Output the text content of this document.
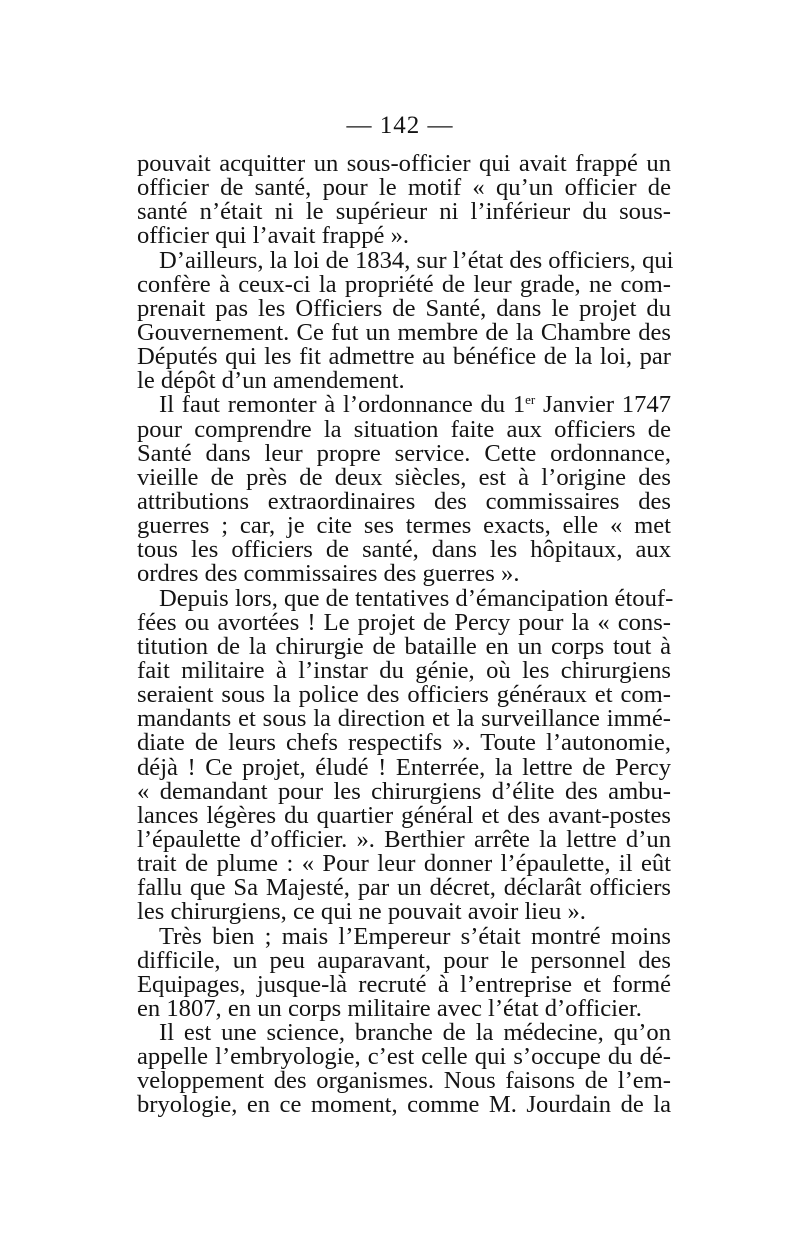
— 142 —
pouvait acquitter un sous-officier qui avait frappé un
officier de santé, pour le motif « qu’un officier de
santé n’était ni le supérieur ni l’inférieur du sous-
officier qui l’avait frappé ».
D’ailleurs, la loi de 1834, sur l’état des officiers, qui
confère à ceux-ci la propriété de leur grade, ne com-
prenait pas les Officiers de Santé, dans le projet du
Gouvernement. Ce fut un membre de la Chambre des
Députés qui les fit admettre au bénéfice de la loi, par
le dépôt d’un amendement.
Il faut remonter à l’ordonnance du 1er Janvier 1747
pour comprendre la situation faite aux officiers de
Santé dans leur propre service. Cette ordonnance,
vieille de près de deux siècles, est à l’origine des
attributions extraordinaires des commissaires des
guerres ; car, je cite ses termes exacts, elle « met
tous les officiers de santé, dans les hôpitaux, aux
ordres des commissaires des guerres ».
Depuis lors, que de tentatives d’émancipation étouf-
fées ou avortées ! Le projet de Percy pour la « cons-
titution de la chirurgie de bataille en un corps tout à
fait militaire à l’instar du génie, où les chirurgiens
seraient sous la police des officiers généraux et com-
mandants et sous la direction et la surveillance immé-
diate de leurs chefs respectifs ». Toute l’autonomie,
déjà ! Ce projet, éludé ! Enterrée, la lettre de Percy
« demandant pour les chirurgiens d’élite des ambu-
lances légères du quartier général et des avant-postes
l’épaulette d’officier. ». Berthier arrête la lettre d’un
trait de plume : « Pour leur donner l’épaulette, il eût
fallu que Sa Majesté, par un décret, déclarât officiers
les chirurgiens, ce qui ne pouvait avoir lieu ».
Très bien ; mais l’Empereur s’était montré moins
difficile, un peu auparavant, pour le personnel des
Equipages, jusque-là recruté à l’entreprise et formé
en 1807, en un corps militaire avec l’état d’officier.
Il est une science, branche de la médecine, qu’on
appelle l’embryologie, c’est celle qui s’occupe du dé-
veloppement des organismes. Nous faisons de l’em-
bryologie, en ce moment, comme M. Jourdain de la
